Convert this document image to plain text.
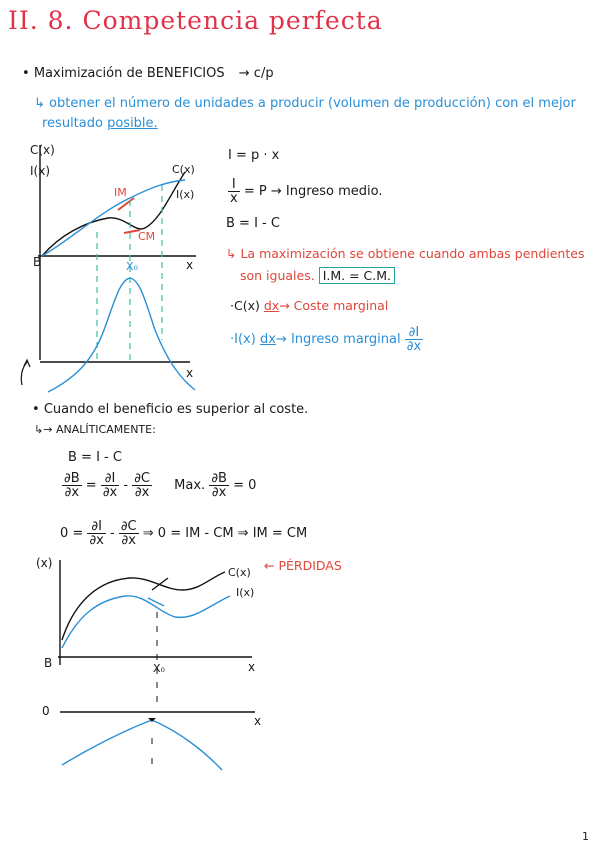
II. 8. Competencia perfecta
• Maximización de BENEFICIOS → c/p
↳ obtener el número de unidades a producir (volumen de producción) con el mejor
resultado posible.
C(x)
I(x)	C(x)
I(x)
IM
CM
B	X₀	x
x
I = p · x
$\frac{I}{x} = P$ → Ingreso medio.
B = I - C
↳ La maximización se obtiene cuando ambas pendientes
son iguales. I.M. = C.M.
·C(x) dx→ Coste marginal
·I(x) dx→ Ingreso marginal $\frac{\partial I}{\partial x}$
• Cuando el beneficio es superior al coste.
↳→ ANALÍTICAMENTE:
B = I - C
$\frac{\partial B}{\partial x} = \frac{\partial I}{\partial x} - \frac{\partial C}{\partial x}$ Max. $\frac{\partial B}{\partial x} = 0$
$0 = \frac{\partial I}{\partial x} - \frac{\partial C}{\partial x}$ ⇒ 0 = IM - CM ⇒ IM = CM
(x)
C(x)
I(x)
← PÉRDIDAS
B	X₀	x
0
x
1
